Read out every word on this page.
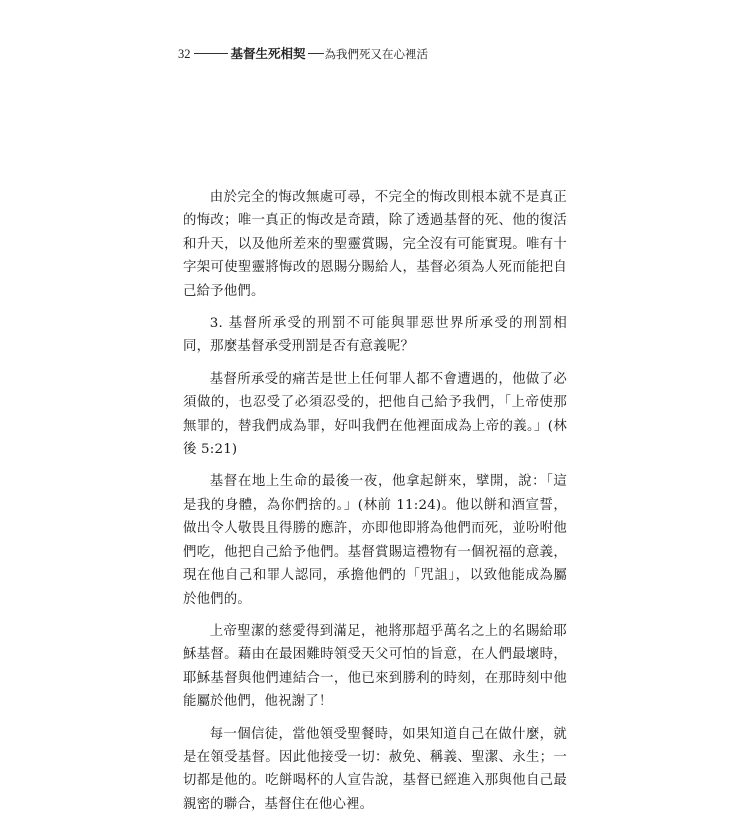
32	基督生死相契 為我們死又在心裡活

由於完全的悔改無處可尋，不完全的悔改則根本就不是真正的悔改；唯一真正的悔改是奇蹟，除了透過基督的死、他的復活和升天，以及他所差來的聖靈賞賜，完全沒有可能實現。唯有十字架可使聖靈將悔改的恩賜分賜給人，基督必須為人死而能把自己給予他們。

3. 基督所承受的刑罰不可能與罪惡世界所承受的刑罰相同，那麼基督承受刑罰是否有意義呢？

基督所承受的痛苦是世上任何罪人都不會遭遇的，他做了必須做的，也忍受了必須忍受的，把他自己給予我們，「上帝使那無罪的，替我們成為罪，好叫我們在他裡面成為上帝的義。」(林後 5:21)

基督在地上生命的最後一夜，他拿起餅來，擘開，說：「這是我的身體，為你們捨的。」(林前 11:24)。他以餅和酒宣誓，做出令人敬畏且得勝的應許，亦即他即將為他們而死，並吩咐他們吃，他把自己給予他們。基督賞賜這禮物有一個祝福的意義，現在他自己和罪人認同，承擔他們的「咒詛」，以致他能成為屬於他們的。

上帝聖潔的慈愛得到滿足，祂將那超乎萬名之上的名賜給耶穌基督。藉由在最困難時領受天父可怕的旨意，在人們最壞時，耶穌基督與他們連結合一，他已來到勝利的時刻，在那時刻中他能屬於他們，他祝謝了！

每一個信徒，當他領受聖餐時，如果知道自己在做什麼，就是在領受基督。因此他接受一切：赦免、稱義、聖潔、永生；一切都是他的。吃餅喝杯的人宣告說，基督已經進入那與他自己最親密的聯合，基督住在他心裡。
